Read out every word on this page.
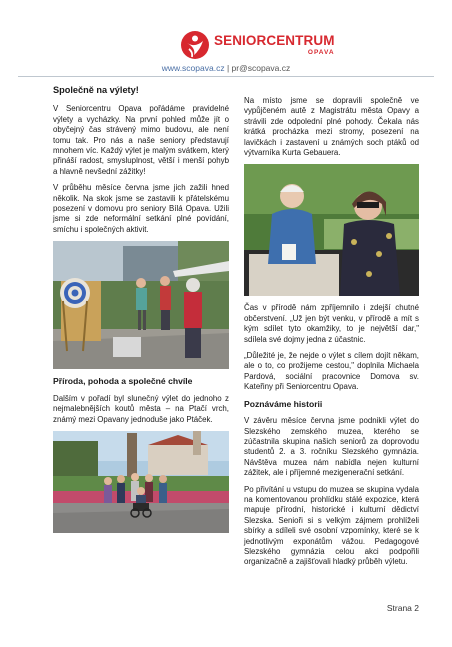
SENIORCENTRUM
OPAVA
www.scopava.cz | pr@scopava.cz
Společně na výlety!

V Seniorcentru Opava pořádáme pravidelné výlety a vycházky. Na první pohled může jít o obyčejný čas strávený mimo budovu, ale není tomu tak. Pro nás a naše seniory představují mnohem víc. Každý výlet je malým svátkem, který přináší radost, smysluplnost, větší i menší pohyb a hlavně nevšední zážitky!

V průběhu měsíce června jsme jich zažili hned několik. Na skok jsme se zastavili k přátelskému posezení v domovu pro seniory Bílá Opava. Užili jsme si zde neformální setkání plné povídání, smíchu i společných aktivit.

Příroda, pohoda a společné chvíle

Dalším v pořadí byl slunečný výlet do jednoho z nejmalebnějších koutů města – na Ptačí vrch, známý mezi Opavany jednoduše jako Ptáček.

Na místo jsme se dopravili společně ve vypůjčeném autě z Magistrátu města Opavy a strávili zde odpolední plné pohody. Čekala nás krátká procházka mezi stromy, posezení na lavičkách i zastavení u známých soch ptáků od výtvarníka Kurta Gebauera.

Čas v přírodě nám zpříjemnilo i zdejší chutné občerstvení. „Už jen být venku, v přírodě a mít s kým sdílet tyto okamžiky, to je největší dar," sdílela své dojmy jedna z účastnic.

„Důležité je, že nejde o výlet s cílem dojít někam, ale o to, co prožijeme cestou," doplnila Michaela Pardová, sociální pracovnice Domova sv. Kateřiny při Seniorcentru Opava.

Poznáváme historii

V závěru měsíce června jsme podnikli výlet do Slezského zemského muzea, kterého se zúčastnila skupina našich seniorů za doprovodu studentů 2. a 3. ročníku Slezského gymnázia. Návštěva muzea nám nabídla nejen kulturní zážitek, ale i příjemné mezigenerační setkání.

Po přivítání u vstupu do muzea se skupina vydala na komentovanou prohlídku stálé expozice, která mapuje přírodní, historické i kulturní dědictví Slezska. Senioři si s velkým zájmem prohlíželi sbírky a sdíleli své osobní vzpomínky, které se k jednotlivým exponátům vážou. Pedagogové Slezského gymnázia celou akci podpořili organizačně a zajišťovali hladký průběh výletu.

Strana 2
